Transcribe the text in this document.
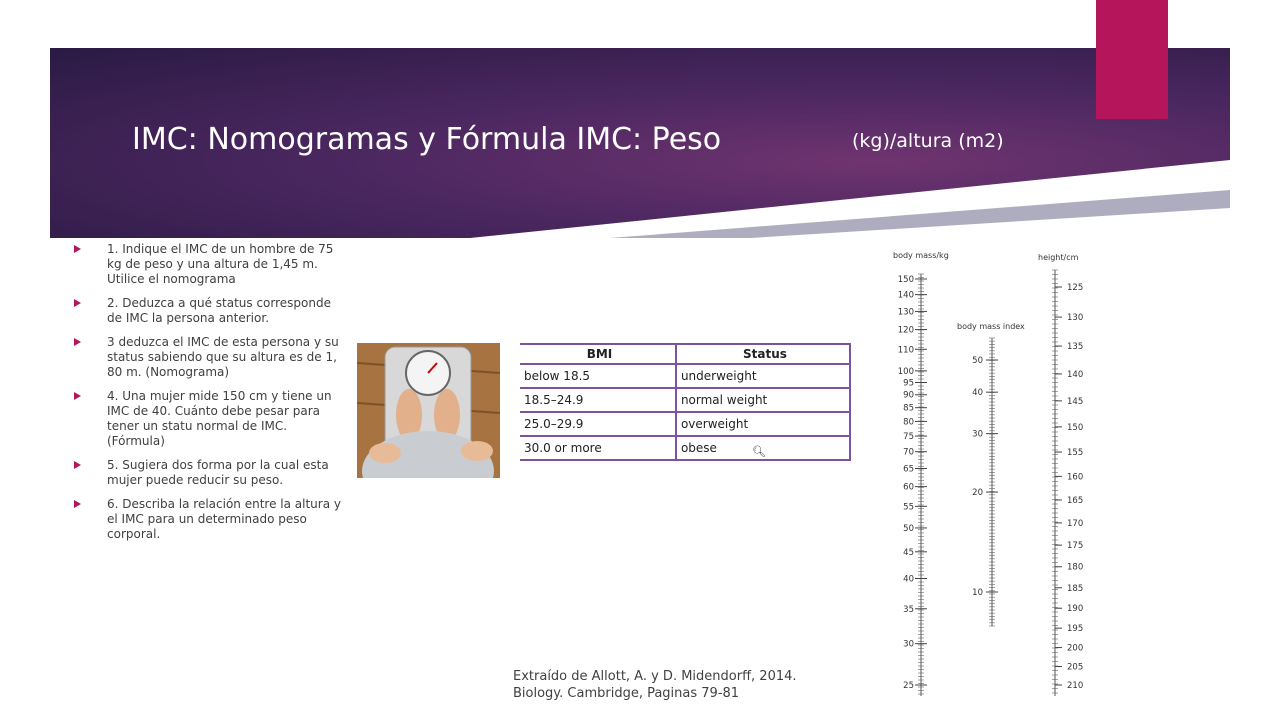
IMC: Nomogramas y Fórmula IMC: Peso	(kg)/altura (m2)
1. Indique el IMC de un hombre de 75 kg de peso y una altura de 1,45 m. Utilice el nomograma
2. Deduzca a qué status corresponde de IMC la persona anterior.
3 deduzca el IMC de esta persona y su status sabiendo que su altura es de 1, 80 m. (Nomograma)
4. Una mujer mide 150 cm y tiene un IMC de 40. Cuánto debe pesar para tener un statu normal de IMC. (Fórmula)
5. Sugiera dos forma por la cual esta mujer puede reducir su peso.
6. Describa la relación entre la altura y el IMC para un determinado peso corporal.
BMI	Status
below 18.5	underweight
18.5–24.9	normal weight
25.0–29.9	overweight
30.0 or more	obese	🔍︎
Extraído de Allott, A. y D. Midendorff, 2014.
Biology. Cambridge, Paginas 79-81
body mass/kg	height/cm
body mass index
150
140
130
120
110
100
95
90
85
80
75
70
65
60
55
50
45
40
35
30
25
50
40
30
20
10
125
130
135
140
145
150
155
160
165
170
175
180
185
190
195
200
205
210
